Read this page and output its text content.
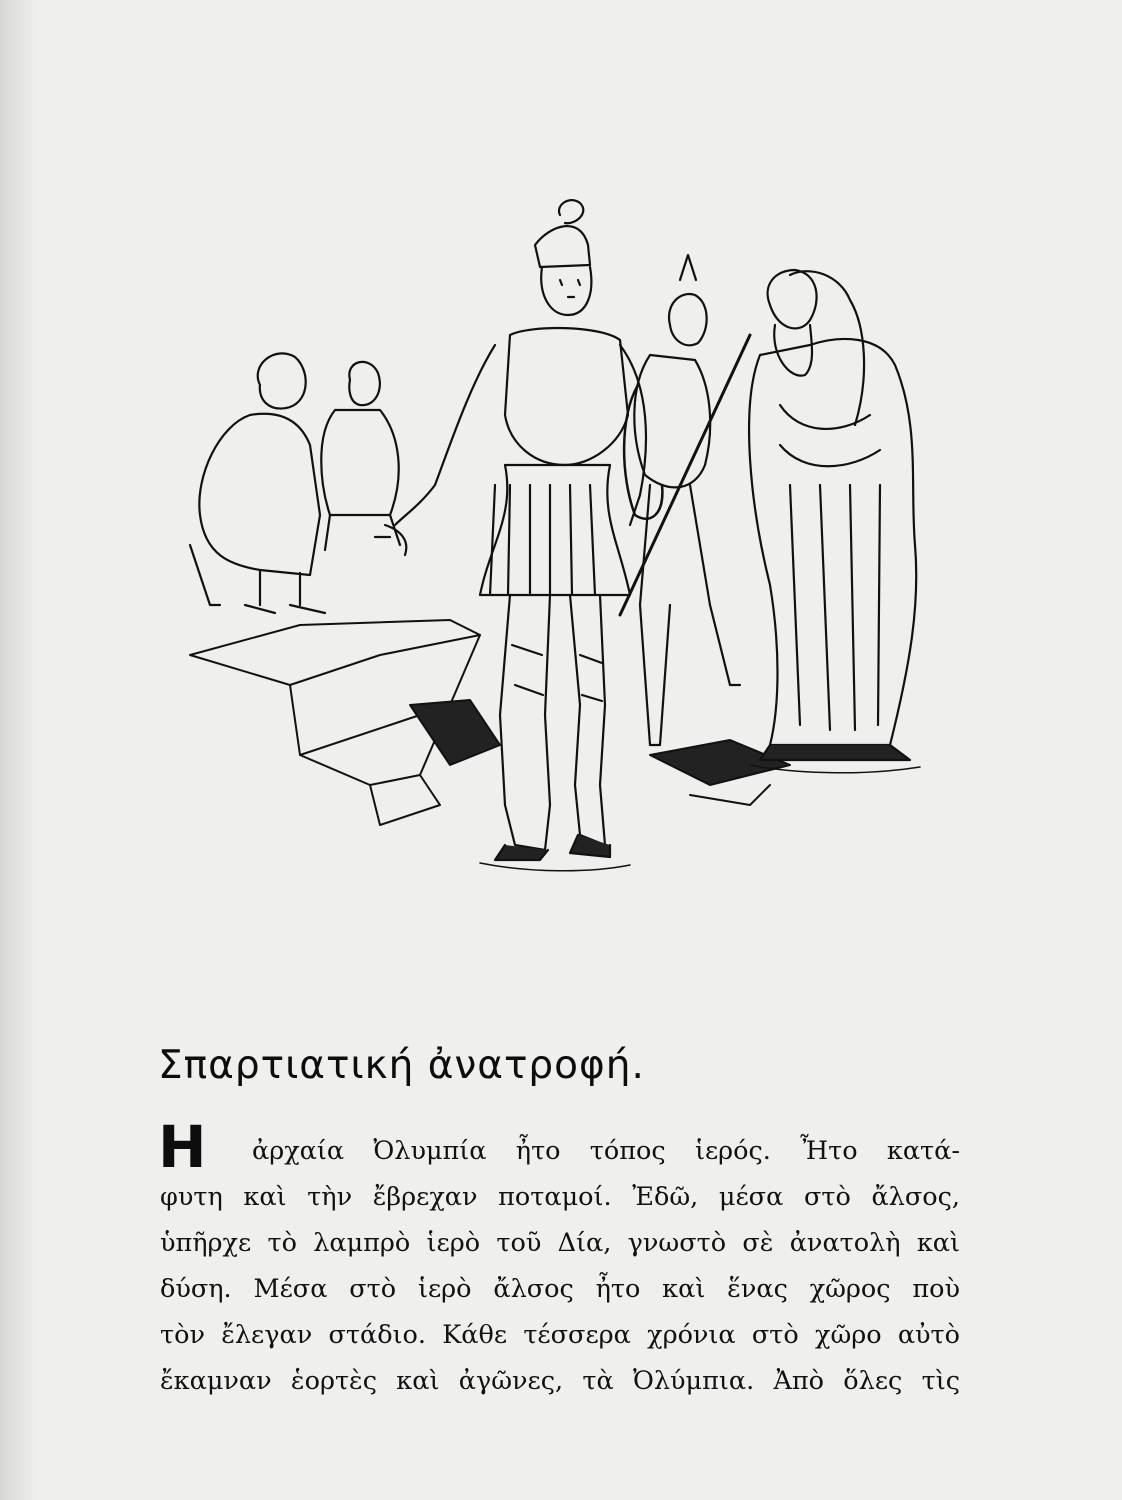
Σπαρτιατική ἀνατροφή.
Η	ἀρχαία Ὀλυμπία ἦτο τόπος ἱερός. Ἦτο κατά-
φυτη καὶ τὴν ἔβρεχαν ποταμοί. Ἐδῶ, μέσα στὸ ἄλσος,
ὑπῆρχε τὸ λαμπρὸ ἱερὸ τοῦ Δία, γνωστὸ σὲ ἀνατολὴ καὶ
δύση. Μέσα στὸ ἱερὸ ἄλσος ἦτο καὶ ἕνας χῶρος ποὺ
τὸν ἔλεγαν στάδιο. Κάθε τέσσερα χρόνια στὸ χῶρο αὐτὸ
ἔκαμναν ἑορτὲς καὶ ἀγῶνες, τὰ Ὀλύμπια. Ἀπὸ ὅλες τὶς
